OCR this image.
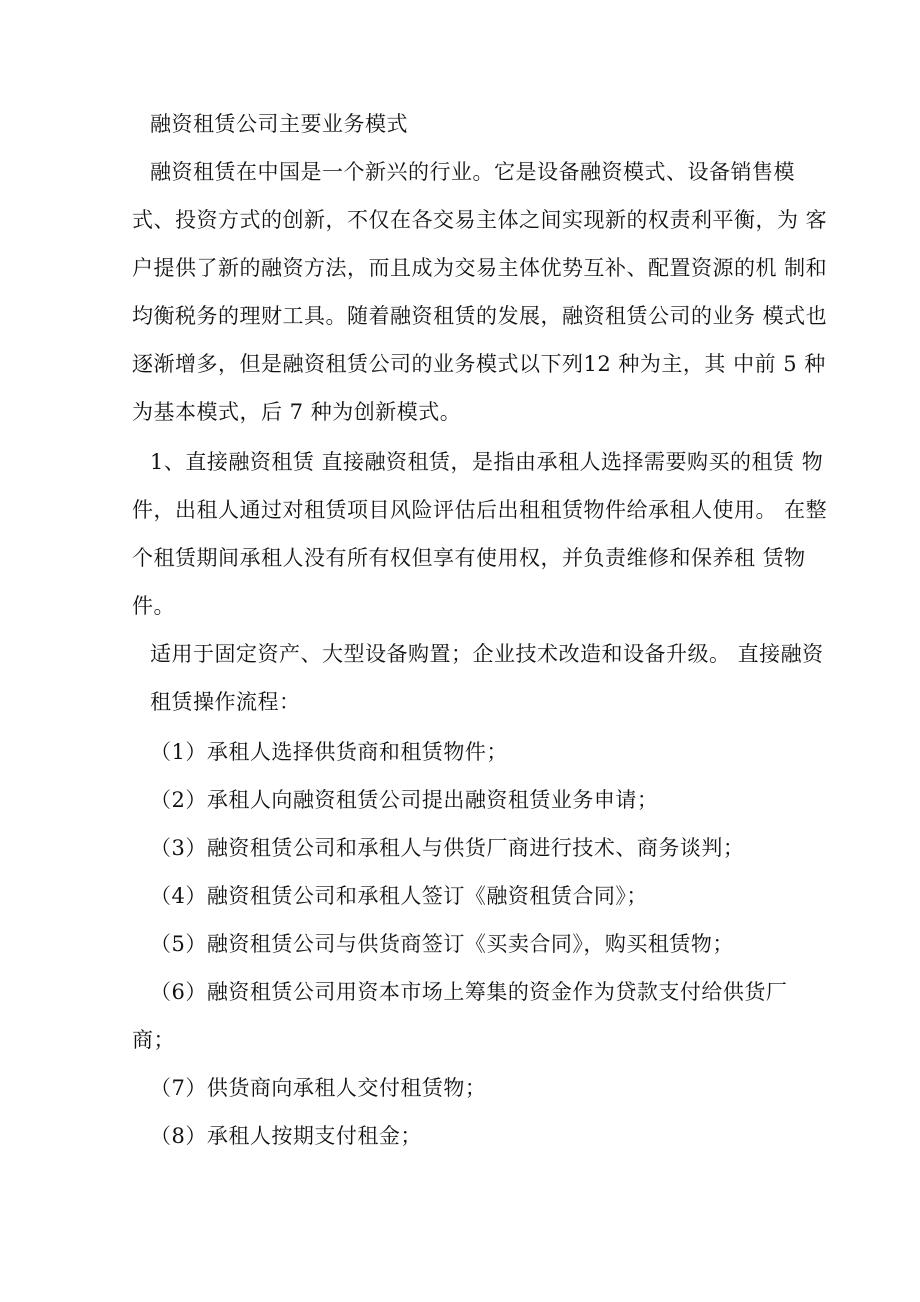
融资租赁公司主要业务模式
融资租赁在中国是一个新兴的行业。它是设备融资模式、设备销售模
式、投资方式的创新，不仅在各交易主体之间实现新的权责利平衡，为 客
户提供了新的融资方法，而且成为交易主体优势互补、配置资源的机 制和
均衡税务的理财工具。随着融资租赁的发展，融资租赁公司的业务 模式也
逐渐增多，但是融资租赁公司的业务模式以下列12 种为主，其 中前 5 种
为基本模式，后 7 种为创新模式。
1、直接融资租赁 直接融资租赁，是指由承租人选择需要购买的租赁 物
件，出租人通过对租赁项目风险评估后出租租赁物件给承租人使用。 在整
个租赁期间承租人没有所有权但享有使用权，并负责维修和保养租 赁物
件。
适用于固定资产、大型设备购置；企业技术改造和设备升级。 直接融资
租赁操作流程：
（1）承租人选择供货商和租赁物件；
（2）承租人向融资租赁公司提出融资租赁业务申请；
（3）融资租赁公司和承租人与供货厂商进行技术、商务谈判；
（4）融资租赁公司和承租人签订《融资租赁合同》；
（5）融资租赁公司与供货商签订《买卖合同》，购买租赁物；
（6）融资租赁公司用资本市场上筹集的资金作为贷款支付给供货厂
商；
（7）供货商向承租人交付租赁物；
（8）承租人按期支付租金；
